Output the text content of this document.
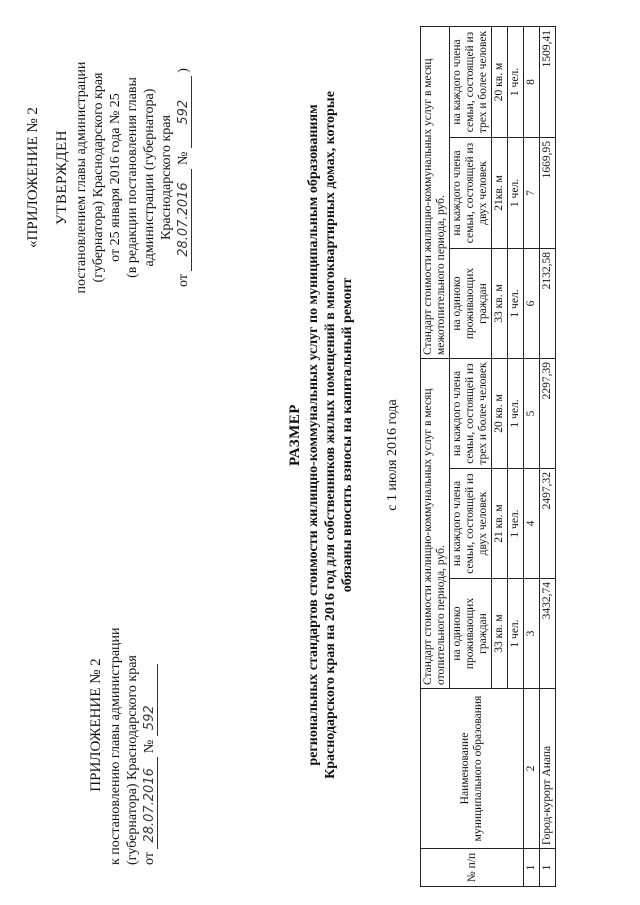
ПРИЛОЖЕНИЕ № 2 к постановлению главы администрации (губернатора) Краснодарского края от 28.07.2016 № 592
«ПРИЛОЖЕНИЕ № 2 УТВЕРЖДЕН постановлением главы администрации (губернатора) Краснодарского края от 25 января 2016 года № 25 (в редакции постановления главы администрации (губернатора) Краснодарского края
от 28.07.2016 № 592 )
РАЗМЕР региональных стандартов стоимости жилищно-коммунальных услуг по муниципальным образованиям Краснодарского края на 2016 год для собственников жилых помещений в многоквартирных домах, которые обязаны вносить взносы на капитальный ремонт с 1 июля 2016 года
№ п/п	Наименование муниципального образования	Стандарт стоимости жилищно-коммунальных услуг в месяц отопительного периода, руб.			Стандарт стоимости жилищно-коммунальных услуг в месяц межотопительного периода, руб.		
		на одиноко проживающих граждан	на каждого члена семьи, состоящей из двух человек	на каждого члена семьи, состоящей из трех и более человек	на одиноко проживающих граждан	на каждого члена семьи, состоящей из двух человек	на каждого члена семьи, состоящей из трех и более человек
		33 кв. м	21 кв. м	20 кв. м	33 кв. м	21кв. м	20 кв. м
		1 чел.	1 чел.	1 чел.	1 чел.	1 чел.	1 чел.
1	2	3	4	5	6	7	8
1	Город-курорт Анапа	3432,74	2497,32	2297,39	2132,58	1669,95	1509,41
